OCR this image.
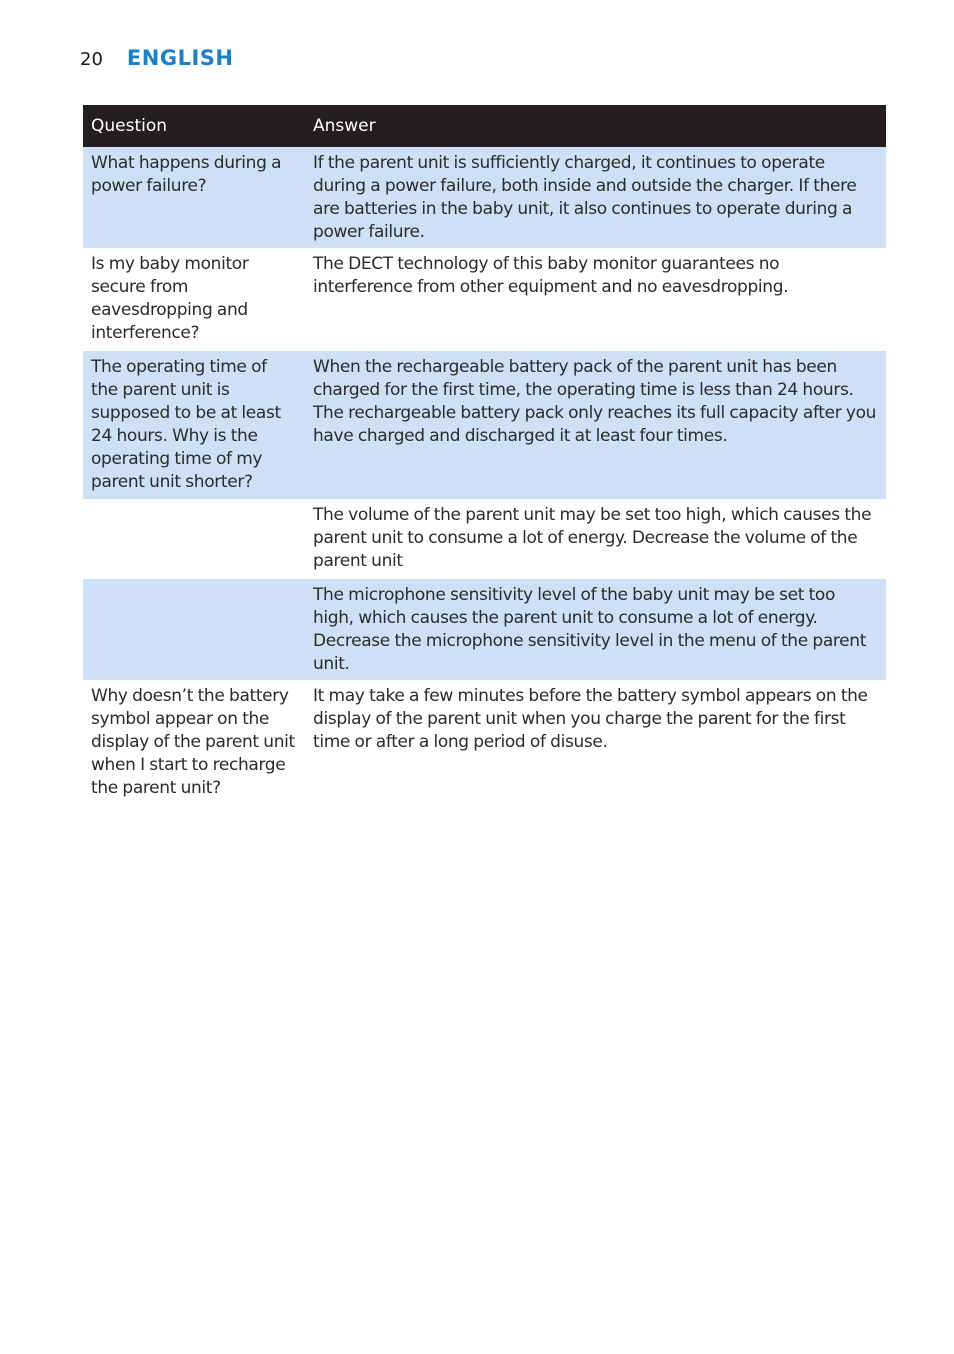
20 ENGLISH
Question	Answer
What happens during a power failure?	If the parent unit is sufficiently charged, it continues to operate during a power failure, both inside and outside the charger. If there are batteries in the baby unit, it also continues to operate during a power failure.
Is my baby monitor secure from eavesdropping and interference?	The DECT technology of this baby monitor guarantees no interference from other equipment and no eavesdropping.
The operating time of the parent unit is supposed to be at least 24 hours. Why is the operating time of my parent unit shorter?	When the rechargeable battery pack of the parent unit has been charged for the first time, the operating time is less than 24 hours. The rechargeable battery pack only reaches its full capacity after you have charged and discharged it at least four times.
	The volume of the parent unit may be set too high, which causes the parent unit to consume a lot of energy. Decrease the volume of the parent unit
	The microphone sensitivity level of the baby unit may be set too high, which causes the parent unit to consume a lot of energy. Decrease the microphone sensitivity level in the menu of the parent unit.
Why doesn’t the battery symbol appear on the display of the parent unit when I start to recharge the parent unit?	It may take a few minutes before the battery symbol appears on the display of the parent unit when you charge the parent for the first time or after a long period of disuse.
